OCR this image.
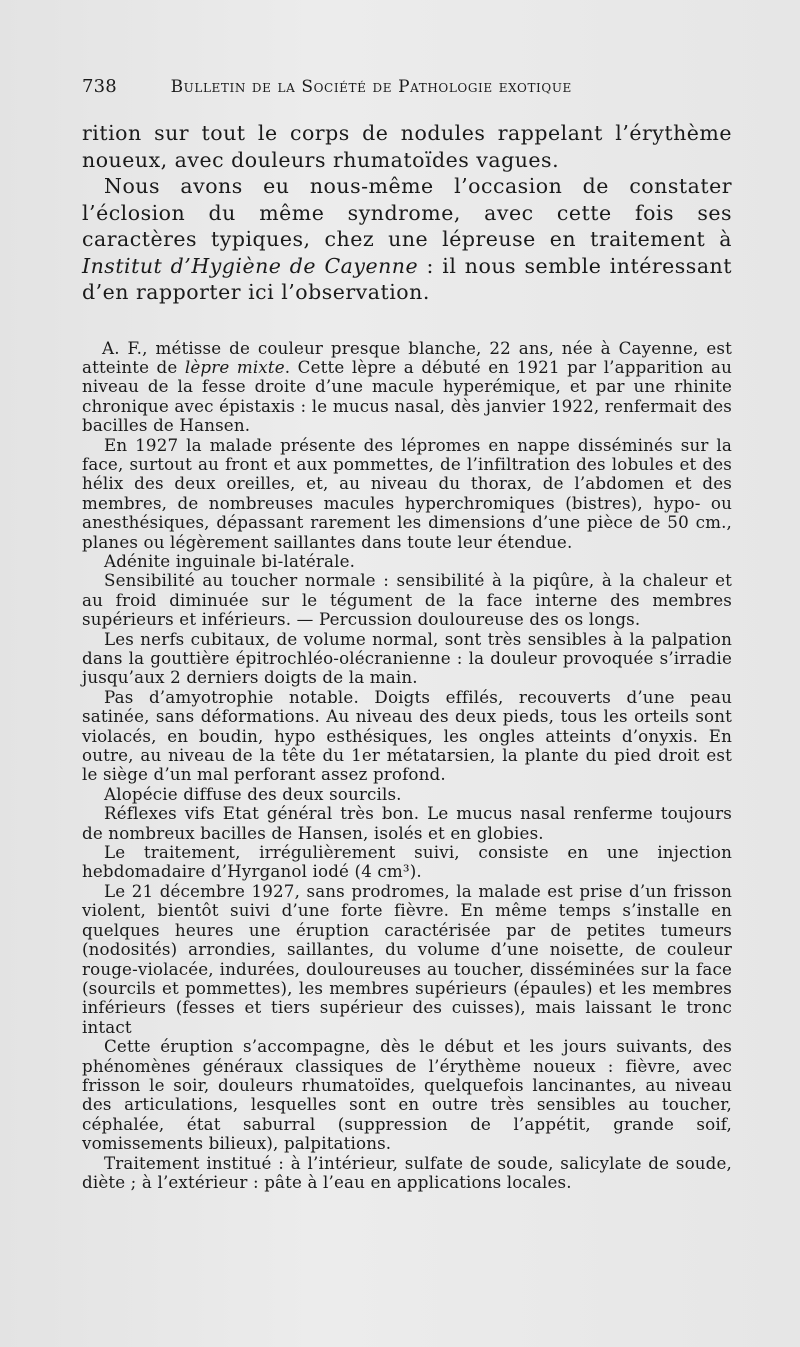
738	Bulletin de la Société de Pathologie exotique

rition sur tout le corps de nodules rappelant l’érythème noueux, avec douleurs rhumatoïdes vagues.

Nous avons eu nous-même l’occasion de constater l’éclosion du même syndrome, avec cette fois ses caractères typiques, chez une lépreuse en traitement à Institut d’Hygiène de Cayenne : il nous semble intéressant d’en rapporter ici l’observation.

A. F., métisse de couleur presque blanche, 22 ans, née à Cayenne, est atteinte de lèpre mixte. Cette lèpre a débuté en 1921 par l’apparition au niveau de la fesse droite d’une macule hyperémique, et par une rhinite chronique avec épistaxis : le mucus nasal, dès janvier 1922, renfermait des bacilles de Hansen.

En 1927 la malade présente des lépromes en nappe disséminés sur la face, surtout au front et aux pommettes, de l’infiltration des lobules et des hélix des deux oreilles, et, au niveau du thorax, de l’abdomen et des membres, de nombreuses macules hyperchromiques (bistres), hypo- ou anesthésiques, dépassant rarement les dimensions d’une pièce de 50 cm., planes ou légèrement saillantes dans toute leur étendue.

Adénite inguinale bi-latérale.

Sensibilité au toucher normale : sensibilité à la piqûre, à la chaleur et au froid diminuée sur le tégument de la face interne des membres supérieurs et inférieurs. — Percussion douloureuse des os longs.

Les nerfs cubitaux, de volume normal, sont très sensibles à la palpation dans la gouttière épitrochléo-olécranienne : la douleur provoquée s’irradie jusqu’aux 2 derniers doigts de la main.

Pas d’amyotrophie notable. Doigts effilés, recouverts d’une peau satinée, sans déformations. Au niveau des deux pieds, tous les orteils sont violacés, en boudin, hypo esthésiques, les ongles atteints d’onyxis. En outre, au niveau de la tête du 1er métatarsien, la plante du pied droit est le siège d’un mal perforant assez profond.

Alopécie diffuse des deux sourcils.

Réflexes vifs Etat général très bon. Le mucus nasal renferme toujours de nombreux bacilles de Hansen, isolés et en globies.

Le traitement, irrégulièrement suivi, consiste en une injection hebdomadaire d’Hyrganol iodé (4 cm³).

Le 21 décembre 1927, sans prodromes, la malade est prise d’un frisson violent, bientôt suivi d’une forte fièvre. En même temps s’installe en quelques heures une éruption caractérisée par de petites tumeurs (nodosités) arrondies, saillantes, du volume d’une noisette, de couleur rouge-violacée, indurées, douloureuses au toucher, disséminées sur la face (sourcils et pommettes), les membres supérieurs (épaules) et les membres inférieurs (fesses et tiers supérieur des cuisses), mais laissant le tronc intact

Cette éruption s’accompagne, dès le début et les jours suivants, des phénomènes généraux classiques de l’érythème noueux : fièvre, avec frisson le soir, douleurs rhumatoïdes, quelquefois lancinantes, au niveau des articulations, lesquelles sont en outre très sensibles au toucher, céphalée, état saburral (suppression de l’appétit, grande soif, vomissements bilieux), palpitations.

Traitement institué : à l’intérieur, sulfate de soude, salicylate de soude, diète ; à l’extérieur : pâte à l’eau en applications locales.
